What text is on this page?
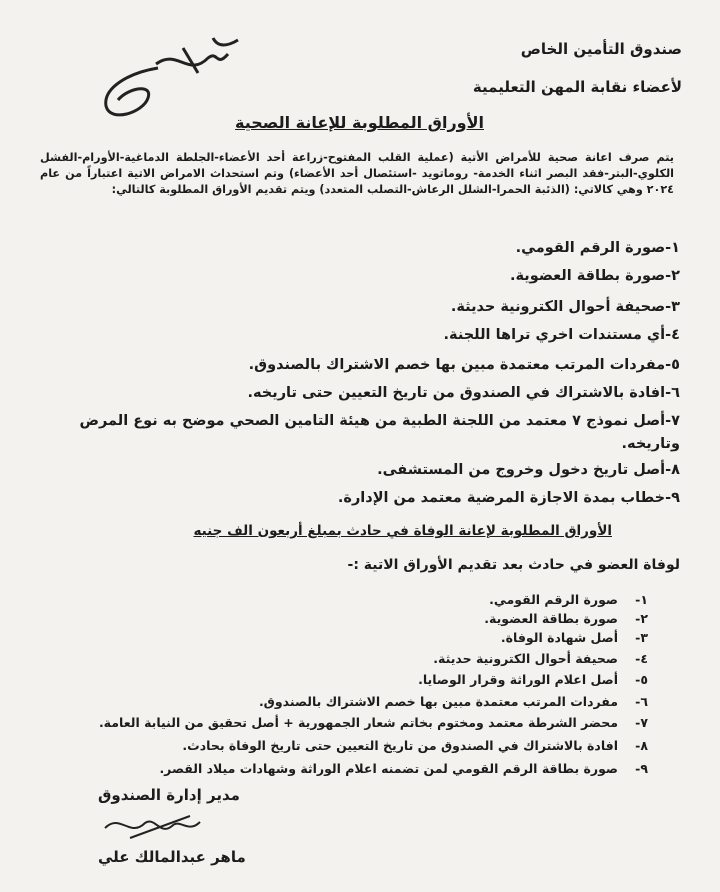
صندوق التأمين الخاص
لأعضاء نقابة المهن التعليمية
الأوراق المطلوبة للإعانة الصحية
يتم صرف اعانة صحية للأمراض الأتية (عملية القلب المفتوح-زراعة أحد الأعضاء-الجلطة الدماغية-الأورام-الفشل الكلوي-البتر-فقد البصر اثناء الخدمة- روماتويد -استئصال أحد الأعضاء) وتم استحداث الامراض الاتية اعتباراً من عام ٢٠٢٤ وهي كالاتي: (الذئبة الحمرا-الشلل الرعاش-التصلب المتعدد) ويتم تقديم الأوراق المطلوبة كالتالي:
١-صورة الرقم القومي.
٢-صورة بطاقة العضوية.
٣-صحيفة أحوال الكترونية حديثة.
٤-أي مستندات اخري تراها اللجنة.
٥-مفردات المرتب معتمدة مبين بها خصم الاشتراك بالصندوق.
٦-افادة بالاشتراك في الصندوق من تاريخ التعيين حتى تاريخه.
٧-أصل نموذج ٧ معتمد من اللجنة الطبية من هيئة التامين الصحي موضح به نوع المرض
وتاريخه.
٨-أصل تاريخ دخول وخروج من المستشفى.
٩-خطاب بمدة الاجازة المرضية معتمد من الإدارة.
الأوراق المطلوبة لإعانة الوفاة في حادث بمبلغ أربعون الف جنيه
لوفاة العضو في حادث بعد تقديم الأوراق الاتية :-
١-صورة الرقم القومي.
٢-صورة بطاقة العضوية.
٣-أصل شهادة الوفاة.
٤-صحيفة أحوال الكترونية حديثة.
٥-أصل اعلام الوراثة وقرار الوصايا.
٦-مفردات المرتب معتمدة مبين بها خصم الاشتراك بالصندوق.
٧-محضر الشرطة معتمد ومختوم بخاتم شعار الجمهورية + أصل تحقيق من النيابة العامة.
٨-افادة بالاشتراك في الصندوق من تاريخ التعيين حتى تاريخ الوفاة بحادث.
٩-صورة بطاقة الرقم القومي لمن تضمنه اعلام الوراثة وشهادات ميلاد القصر.
مدير إدارة الصندوق
ماهر عبدالمالك علي
